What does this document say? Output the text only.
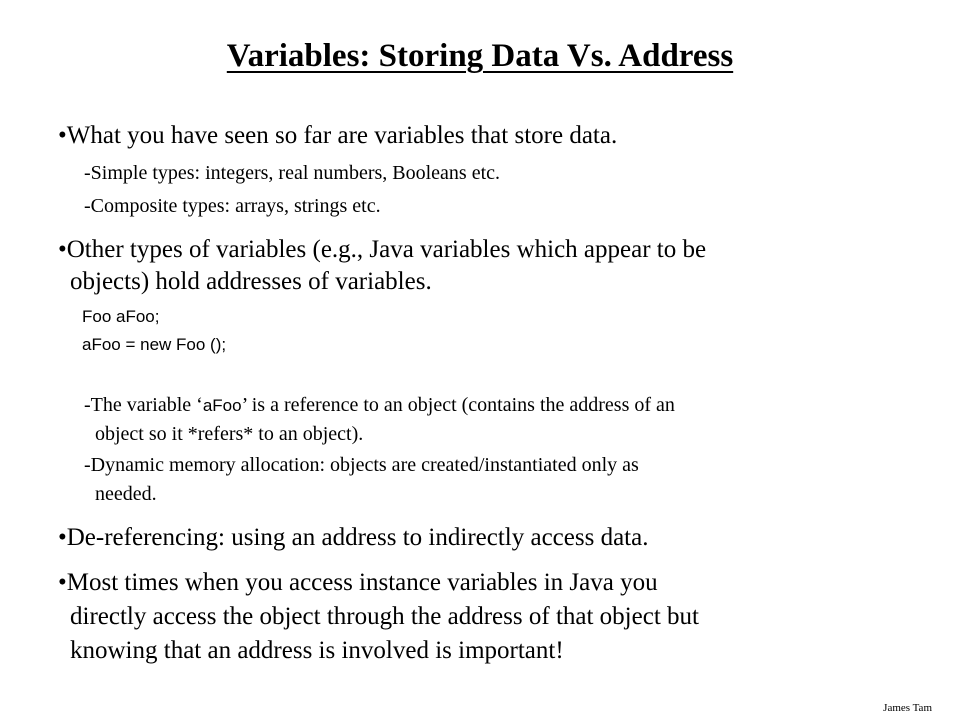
Variables: Storing Data Vs. Address
•What you have seen so far are variables that store data.
-Simple types: integers, real numbers, Booleans etc.
-Composite types: arrays, strings etc.
•Other types of variables (e.g., Java variables which appear to be
objects) hold addresses of variables.
Foo aFoo;
aFoo = new Foo ();
-The variable ‘aFoo’ is a reference to an object (contains the address of an
object so it *refers* to an object).
-Dynamic memory allocation: objects are created/instantiated only as
needed.
•De-referencing: using an address to indirectly access data.
•Most times when you access instance variables in Java you
directly access the object through the address of that object but
knowing that an address is involved is important!
James Tam
